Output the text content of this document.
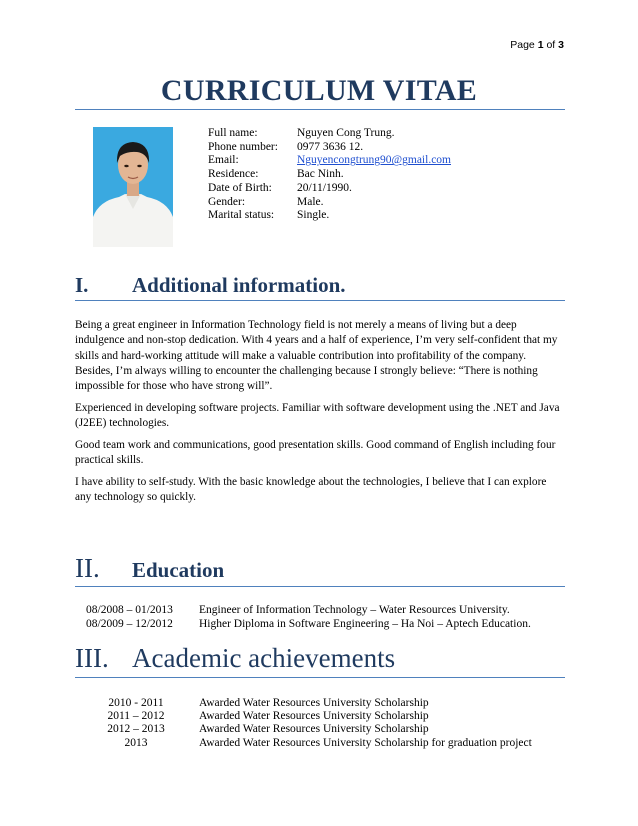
Page 1 of 3
CURRICULUM VITAE
Full name:	Nguyen Cong Trung.
Phone number:	0977 3636 12.
Email:	Nguyencongtrung90@gmail.com
Residence:	Bac Ninh.
Date of Birth:	20/11/1990.
Gender:	Male.
Marital status:	Single.
I.	Additional information.

Being a great engineer in Information Technology field is not merely a means of living but a deep indulgence and non-stop dedication. With 4 years and a half of experience, I’m very self-confident that my skills and hard-working attitude will make a valuable contribution into profitability of the company. Besides, I’m always willing to encounter the challenging because I strongly believe: “There is nothing impossible for those who have strong will”.

Experienced in developing software projects. Familiar with software development using the .NET and Java (J2EE) technologies.

Good team work and communications, good presentation skills. Good command of English including four practical skills.

I have ability to self-study. With the basic knowledge about the technologies, I believe that I can explore any technology so quickly.

II.	Education
08/2008 – 01/2013	Engineer of Information Technology – Water Resources University.
08/2009 – 12/2012	Higher Diploma in Software Engineering – Ha Noi – Aptech Education.
III. Academic achievements
2010 - 2011	Awarded Water Resources University Scholarship
2011 – 2012	Awarded Water Resources University Scholarship
2012 – 2013	Awarded Water Resources University Scholarship
2013	Awarded Water Resources University Scholarship for graduation project
